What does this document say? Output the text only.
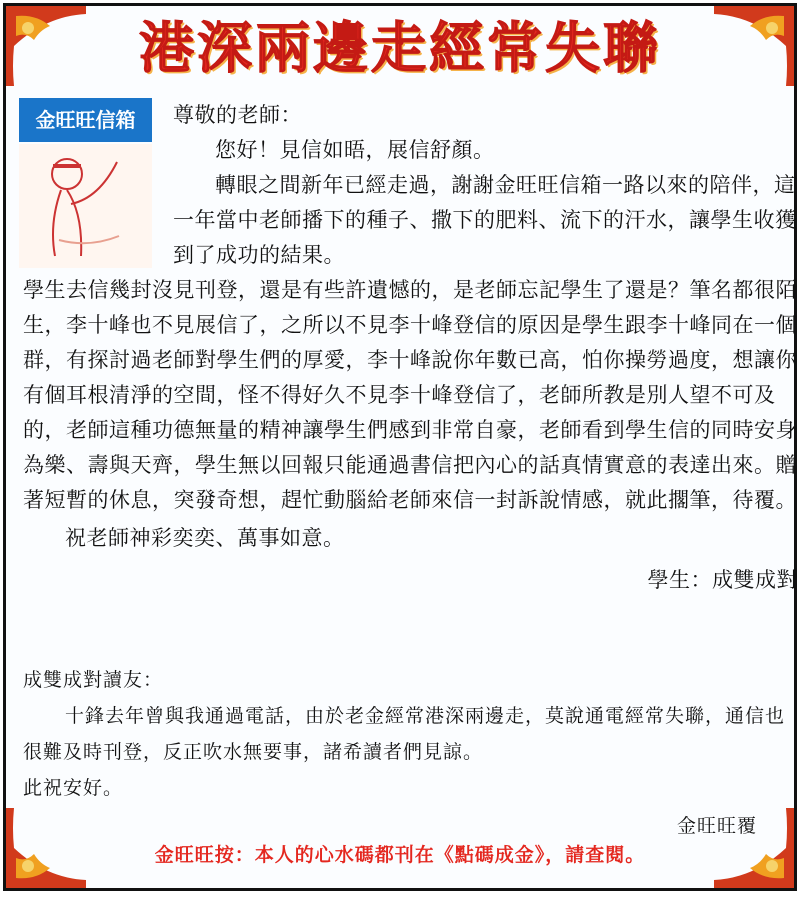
港深兩邊走經常失聯
金旺旺信箱	尊敬的老師：

您好！見信如晤，展信舒顏。

轉眼之間新年已經走過，謝謝金旺旺信箱一路以來的陪伴，這一年當中老師播下的種子、撒下的肥料、流下的汗水，讓學生收獲到了成功的結果。

學生去信幾封沒見刊登，還是有些許遺憾的，是老師忘記學生了還是？筆名都很陌生，李十峰也不見展信了，之所以不見李十峰登信的原因是學生跟李十峰同在一個群，有探討過老師對學生們的厚愛，李十峰說你年數已高，怕你操勞過度，想讓你有個耳根清淨的空間，怪不得好久不見李十峰登信了，老師所教是別人望不可及的，老師這種功德無量的精神讓學生們感到非常自豪，老師看到學生信的同時安身為樂、壽與天齊，學生無以回報只能通過書信把內心的話真情實意的表達出來。贈著短暫的休息，突發奇想，趕忙動腦給老師來信一封訴說情感，就此擱筆，待覆。

祝老師神彩奕奕、萬事如意。

學生：成雙成對

成雙成對讀友：

十鋒去年曾與我通過電話，由於老金經常港深兩邊走，莫說通電經常失聯，通信也很難及時刊登，反正吹水無要事，諸希讀者們見諒。

此祝安好。

金旺旺覆

金旺旺按：本人的心水碼都刊在《點碼成金》，請查閱。
